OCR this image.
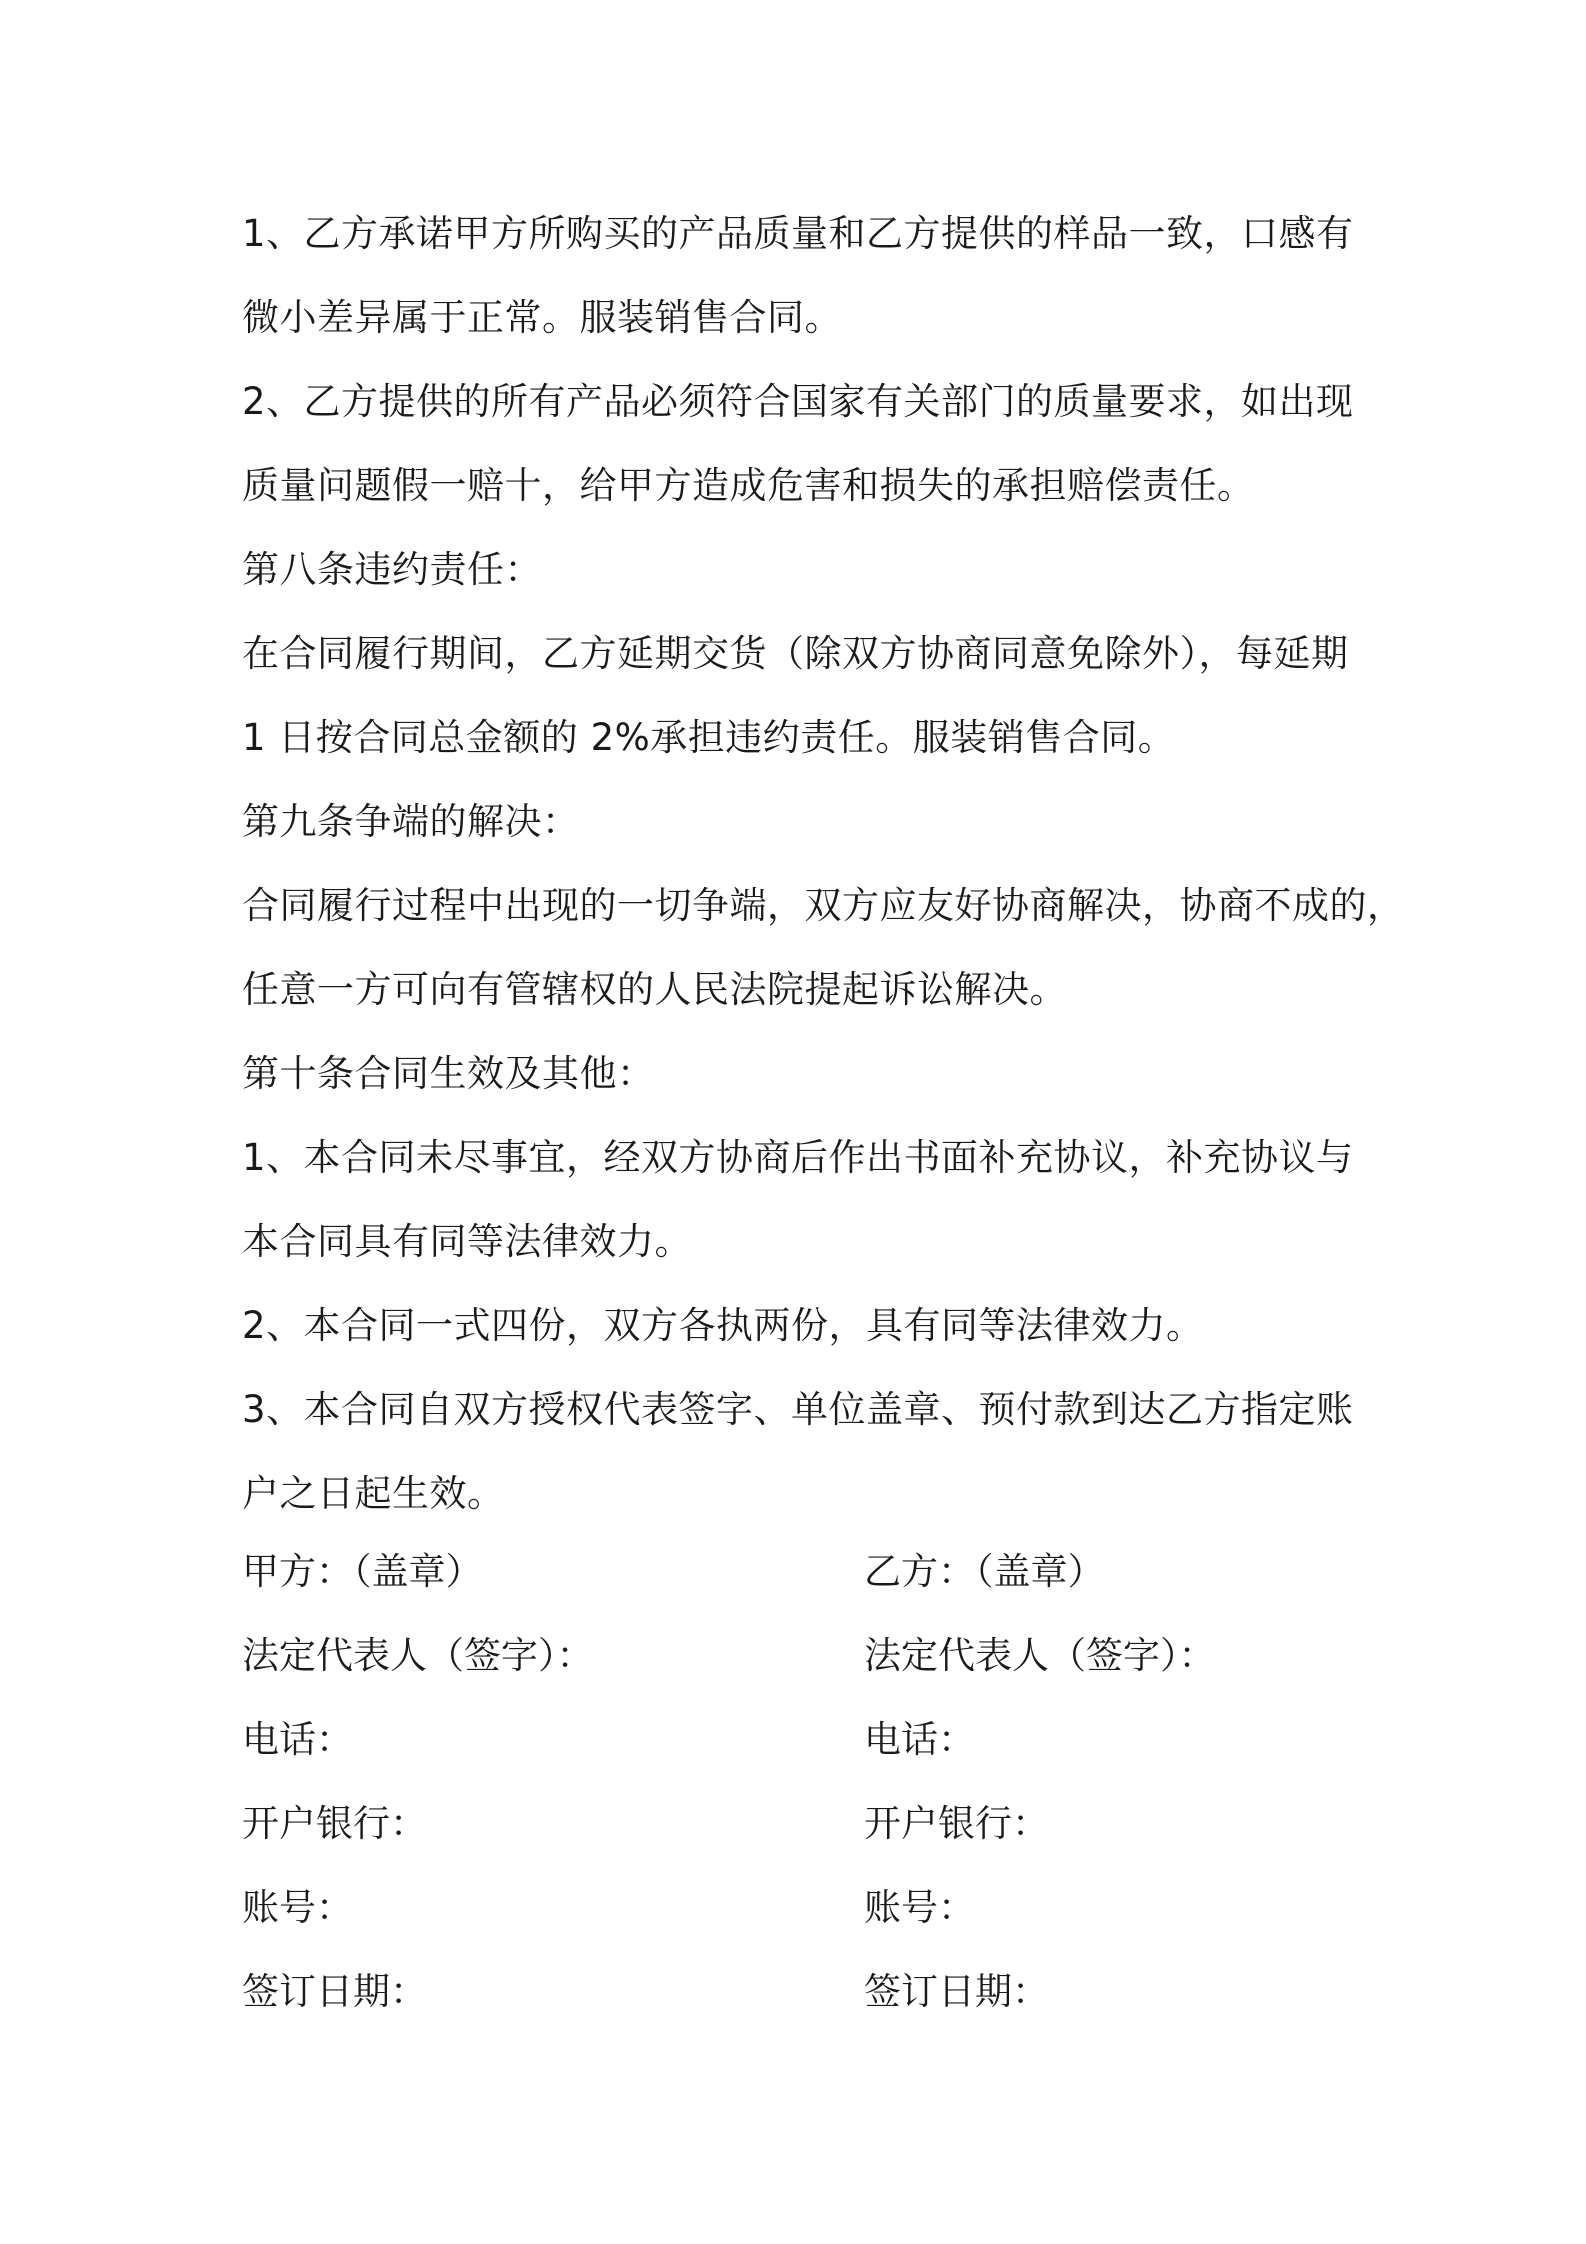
1、乙方承诺甲方所购买的产品质量和乙方提供的样品一致，口感有
微小差异属于正常。服装销售合同。
2、乙方提供的所有产品必须符合国家有关部门的质量要求，如出现
质量问题假一赔十，给甲方造成危害和损失的承担赔偿责任。
第八条违约责任：
在合同履行期间，乙方延期交货（除双方协商同意免除外），每延期
1 日按合同总金额的 2%承担违约责任。服装销售合同。
第九条争端的解决：
合同履行过程中出现的一切争端，双方应友好协商解决，协商不成的，
任意一方可向有管辖权的人民法院提起诉讼解决。
第十条合同生效及其他：
1、本合同未尽事宜，经双方协商后作出书面补充协议，补充协议与
本合同具有同等法律效力。
2、本合同一式四份，双方各执两份，具有同等法律效力。
3、本合同自双方授权代表签字、单位盖章、预付款到达乙方指定账
户之日起生效。
甲方：（盖章）	乙方：（盖章）
法定代表人（签字）：	法定代表人（签字）：
电话：	电话：
开户银行：	开户银行：
账号：	账号：
签订日期：	签订日期：
